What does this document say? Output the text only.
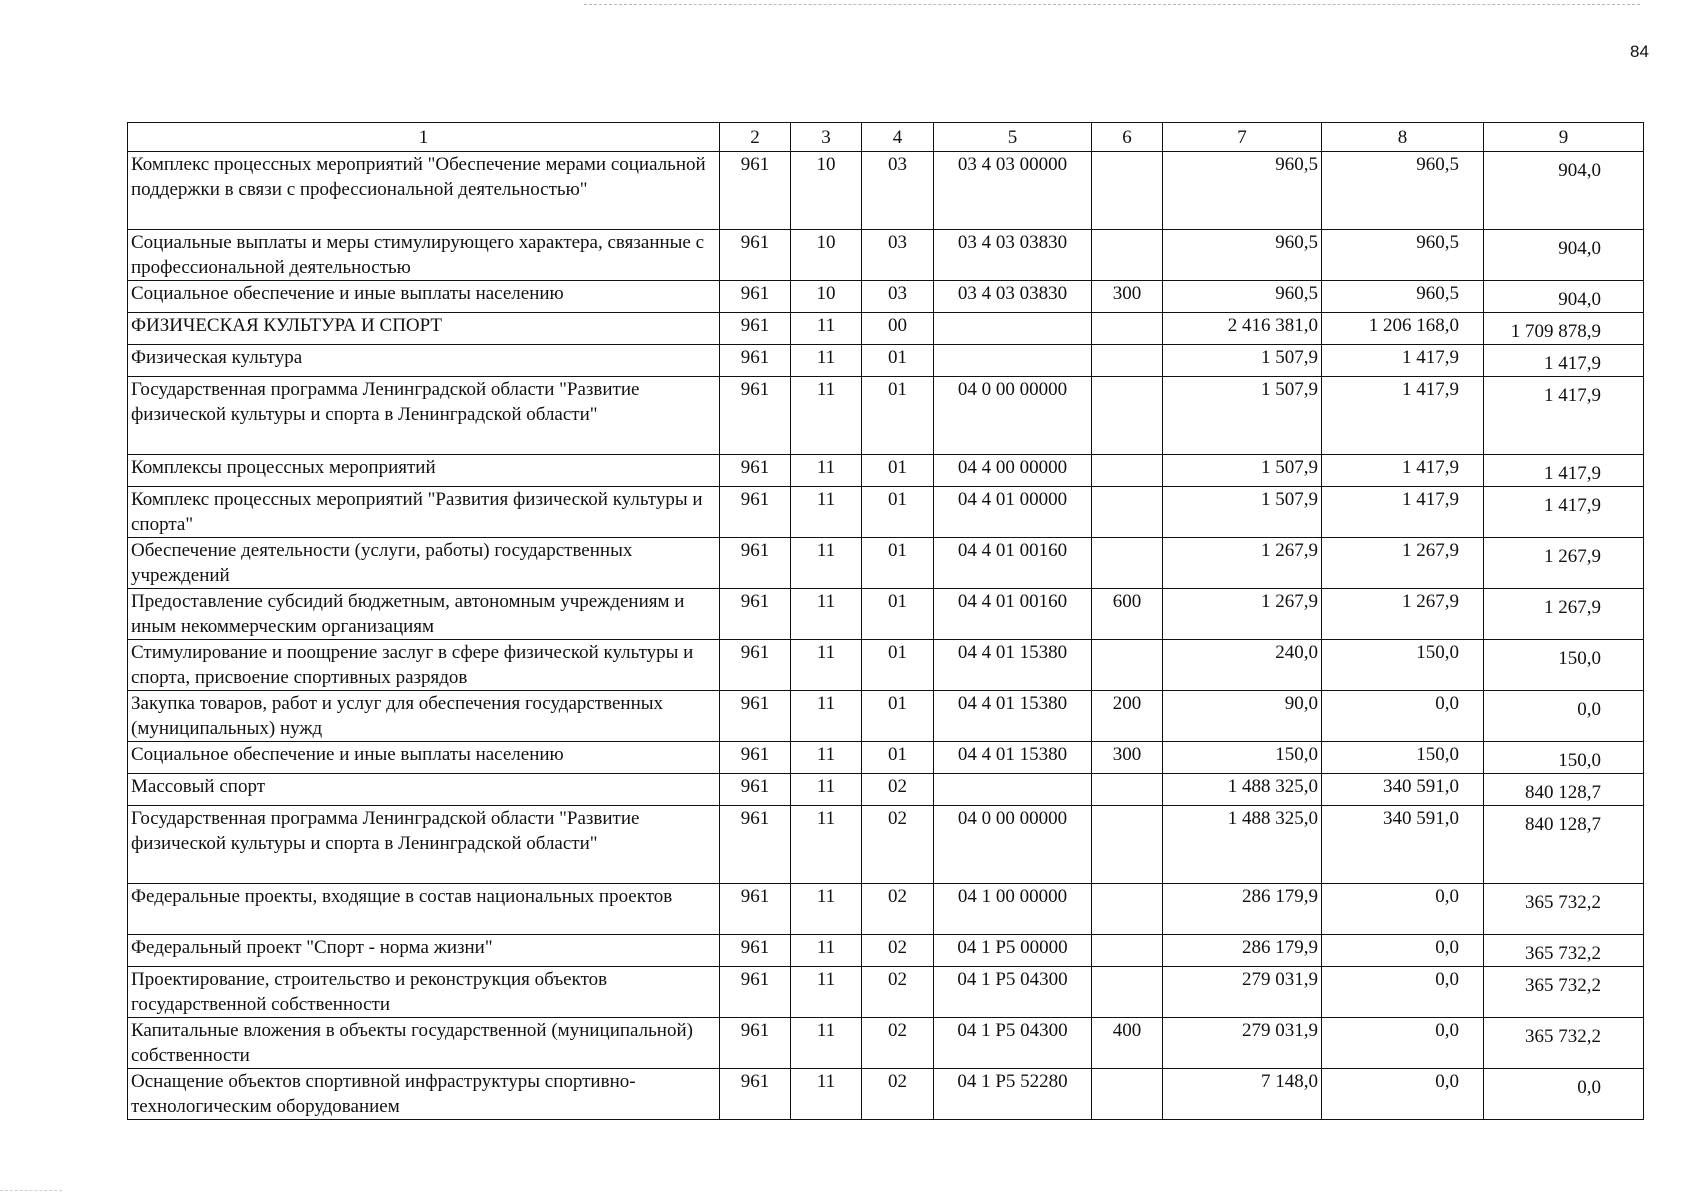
84
1	2	3	4	5	6	7	8	9
Комплекс процессных мероприятий "Обеспечение мерами социальной поддержки в связи с профессиональной деятельностью"	961	10	03	03 4 03 00000		960,5	960,5	904,0
Социальные выплаты и меры стимулирующего характера, связанные с профессиональной деятельностью	961	10	03	03 4 03 03830		960,5	960,5	904,0
Социальное обеспечение и иные выплаты населению	961	10	03	03 4 03 03830	300	960,5	960,5	904,0
ФИЗИЧЕСКАЯ КУЛЬТУРА И СПОРТ	961	11	00			2 416 381,0	1 206 168,0	1 709 878,9
Физическая культура	961	11	01			1 507,9	1 417,9	1 417,9
Государственная программа Ленинградской области "Развитие физической культуры и спорта в Ленинградской области"	961	11	01	04 0 00 00000		1 507,9	1 417,9	1 417,9
Комплексы процессных мероприятий	961	11	01	04 4 00 00000		1 507,9	1 417,9	1 417,9
Комплекс процессных мероприятий "Развития физической культуры и спорта"	961	11	01	04 4 01 00000		1 507,9	1 417,9	1 417,9
Обеспечение деятельности (услуги, работы) государственных учреждений	961	11	01	04 4 01 00160		1 267,9	1 267,9	1 267,9
Предоставление субсидий бюджетным, автономным учреждениям и иным некоммерческим организациям	961	11	01	04 4 01 00160	600	1 267,9	1 267,9	1 267,9
Стимулирование и поощрение заслуг в сфере физической культуры и спорта, присвоение спортивных разрядов	961	11	01	04 4 01 15380		240,0	150,0	150,0
Закупка товаров, работ и услуг для обеспечения государственных (муниципальных) нужд	961	11	01	04 4 01 15380	200	90,0	0,0	0,0
Социальное обеспечение и иные выплаты населению	961	11	01	04 4 01 15380	300	150,0	150,0	150,0
Массовый спорт	961	11	02			1 488 325,0	340 591,0	840 128,7
Государственная программа Ленинградской области "Развитие физической культуры и спорта в Ленинградской области"	961	11	02	04 0 00 00000		1 488 325,0	340 591,0	840 128,7
Федеральные проекты, входящие в состав национальных проектов	961	11	02	04 1 00 00000		286 179,9	0,0	365 732,2
Федеральный проект "Спорт - норма жизни"	961	11	02	04 1 P5 00000		286 179,9	0,0	365 732,2
Проектирование, строительство и реконструкция объектов государственной собственности	961	11	02	04 1 P5 04300		279 031,9	0,0	365 732,2
Капитальные вложения в объекты государственной (муниципальной) собственности	961	11	02	04 1 P5 04300	400	279 031,9	0,0	365 732,2
Оснащение объектов спортивной инфраструктуры спортивно-технологическим оборудованием	961	11	02	04 1 P5 52280		7 148,0	0,0	0,0
